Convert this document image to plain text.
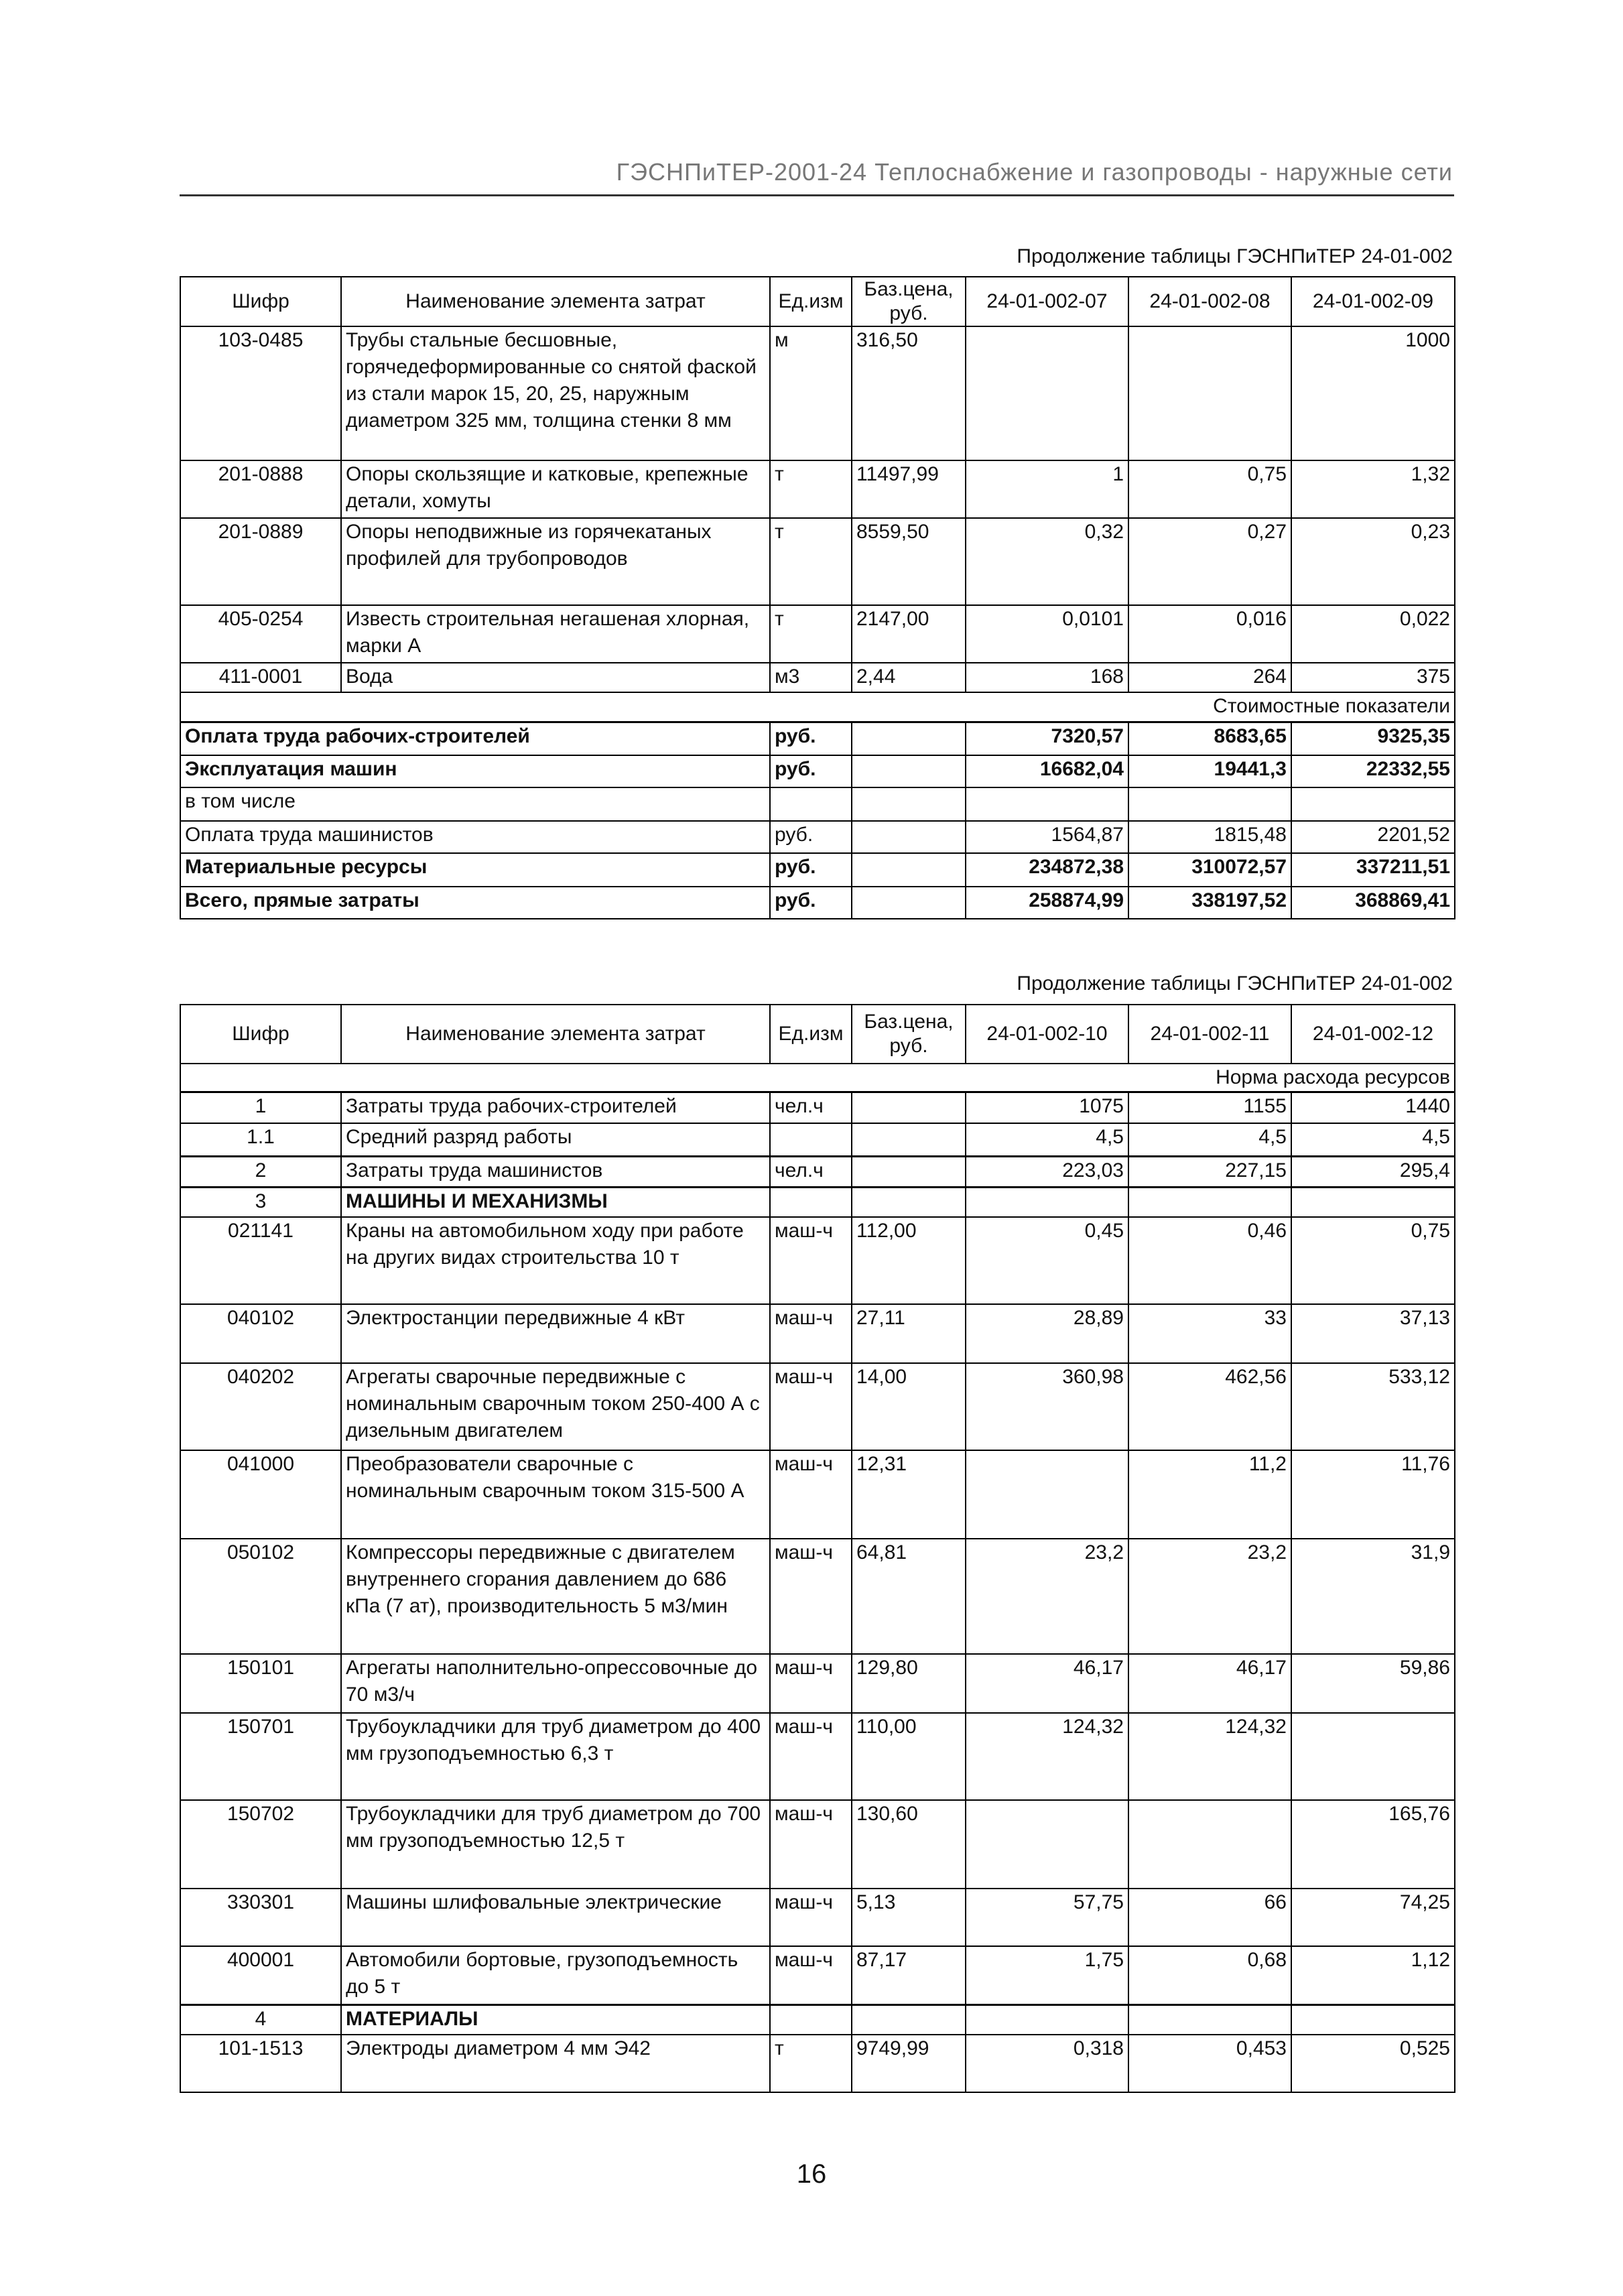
ГЭСНПиТЕР-2001-24 Теплоснабжение и газопроводы - наружные сети
Продолжение таблицы ГЭСНПиТЕР 24-01-002
Шифр	Наименование элемента затрат	Ед.изм	Баз.цена, руб.	24-01-002-07	24-01-002-08	24-01-002-09
103-0485	Трубы стальные бесшовные, горячедеформированные со снятой фаской из стали марок 15, 20, 25, наружным диаметром 325 мм, толщина стенки 8 мм	м	316,50			1000
201-0888	Опоры скользящие и катковые, крепежные детали, хомуты	т	11497,99	1	0,75	1,32
201-0889	Опоры неподвижные из горячекатаных профилей для трубопроводов	т	8559,50	0,32	0,27	0,23
405-0254	Известь строительная негашеная хлорная, марки А	т	2147,00	0,0101	0,016	0,022
411-0001	Вода	м3	2,44	168	264	375
Стоимостные показатели						
Оплата труда рабочих-строителей		руб.		7320,57	8683,65	9325,35
Эксплуатация машин		руб.		16682,04	19441,3	22332,55
в том числе						
Оплата труда машинистов		руб.		1564,87	1815,48	2201,52
Материальные ресурсы		руб.		234872,38	310072,57	337211,51
Всего, прямые затраты		руб.		258874,99	338197,52	368869,41
Продолжение таблицы ГЭСНПиТЕР 24-01-002
Шифр	Наименование элемента затрат	Ед.изм	Баз.цена, руб.	24-01-002-10	24-01-002-11	24-01-002-12
Норма расхода ресурсов						
1	Затраты труда рабочих-строителей	чел.ч		1075	1155	1440
1.1	Средний разряд работы			4,5	4,5	4,5
2	Затраты труда машинистов	чел.ч		223,03	227,15	295,4
3	МАШИНЫ И МЕХАНИЗМЫ					
021141	Краны на автомобильном ходу при работе на других видах строительства 10 т	маш-ч	112,00	0,45	0,46	0,75
040102	Электростанции передвижные 4 кВт	маш-ч	27,11	28,89	33	37,13
040202	Агрегаты сварочные передвижные с номинальным сварочным током 250-400 А с дизельным двигателем	маш-ч	14,00	360,98	462,56	533,12
041000	Преобразователи сварочные с номинальным сварочным током 315-500 А	маш-ч	12,31		11,2	11,76
050102	Компрессоры передвижные с двигателем внутреннего сгорания давлением до 686 кПа (7 ат), производительность 5 м3/мин	маш-ч	64,81	23,2	23,2	31,9
150101	Агрегаты наполнительно-опрессовочные до 70 м3/ч	маш-ч	129,80	46,17	46,17	59,86
150701	Трубоукладчики для труб диаметром до 400 мм грузоподъемностью 6,3 т	маш-ч	110,00	124,32	124,32	
150702	Трубоукладчики для труб диаметром до 700 мм грузоподъемностью 12,5 т	маш-ч	130,60			165,76
330301	Машины шлифовальные электрические	маш-ч	5,13	57,75	66	74,25
400001	Автомобили бортовые, грузоподъемность до 5 т	маш-ч	87,17	1,75	0,68	1,12
4	МАТЕРИАЛЫ					
101-1513	Электроды диаметром 4 мм Э42	т	9749,99	0,318	0,453	0,525
16
